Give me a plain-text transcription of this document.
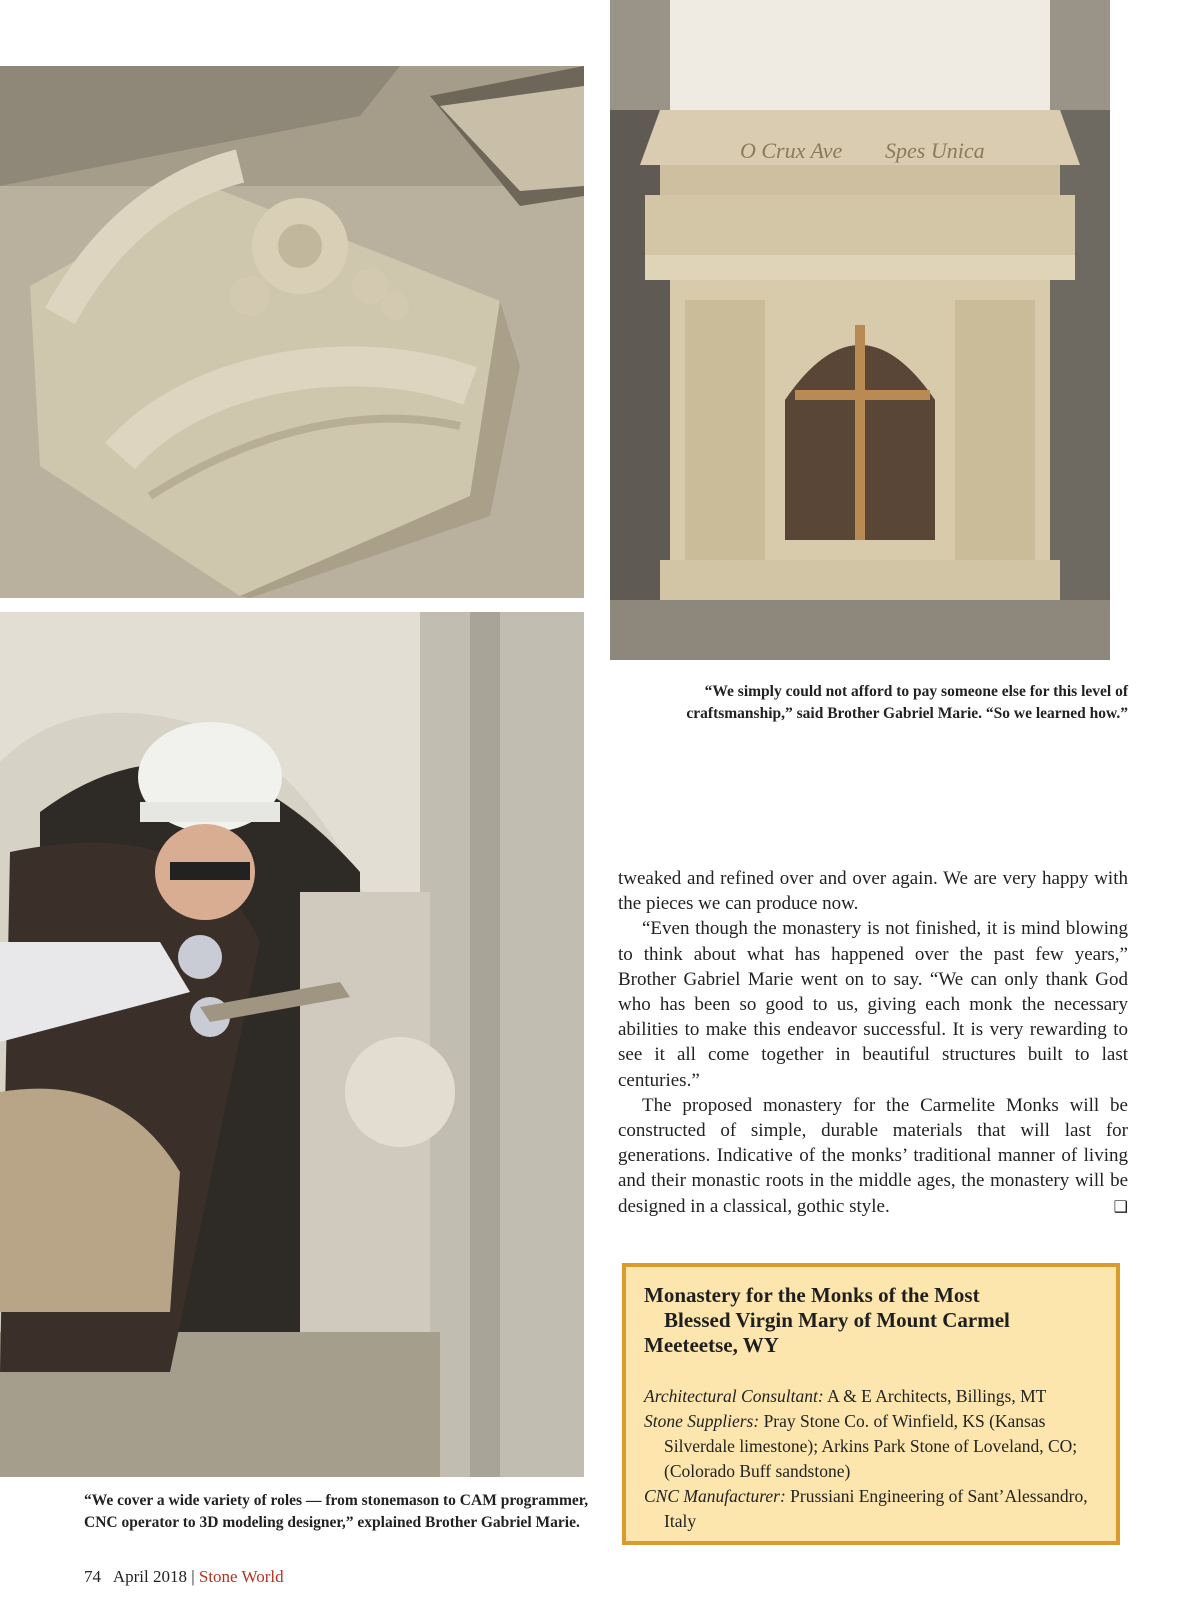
O Crux Ave Spes Unica
“We simply could not afford to pay someone else for this level of craftsmanship,” said Brother Gabriel Marie. “So we learned how.”
“We cover a wide variety of roles — from stonemason to CAM programmer, CNC operator to 3D modeling designer,” explained Brother Gabriel Marie.

tweaked and refined over and over again. We are very happy with the pieces we can produce now.

“Even though the monastery is not finished, it is mind blowing to think about what has happened over the past few years,” Brother Gabriel Marie went on to say. “We can only thank God who has been so good to us, giving each monk the necessary abilities to make this endeavor successful. It is very rewarding to see it all come together in beautiful structures built to last centuries.”

The proposed monastery for the Carmelite Monks will be constructed of simple, durable materials that will last for generations. Indicative of the monks’ traditional manner of living and their monastic roots in the middle ages, the monastery will be designed in a classical, gothic style.	❑

Monastery for the Monks of the Most
Blessed Virgin Mary of Mount Carmel
Meeteetse, WY

Architectural Consultant: A & E Architects, Billings, MT

Stone Suppliers: Pray Stone Co. of Winfield, KS (Kansas Silverdale limestone); Arkins Park Stone of Loveland, CO; (Colorado Buff sandstone)

CNC Manufacturer: Prussiani Engineering of Sant’Alessandro, Italy

74 April 2018 | Stone World
